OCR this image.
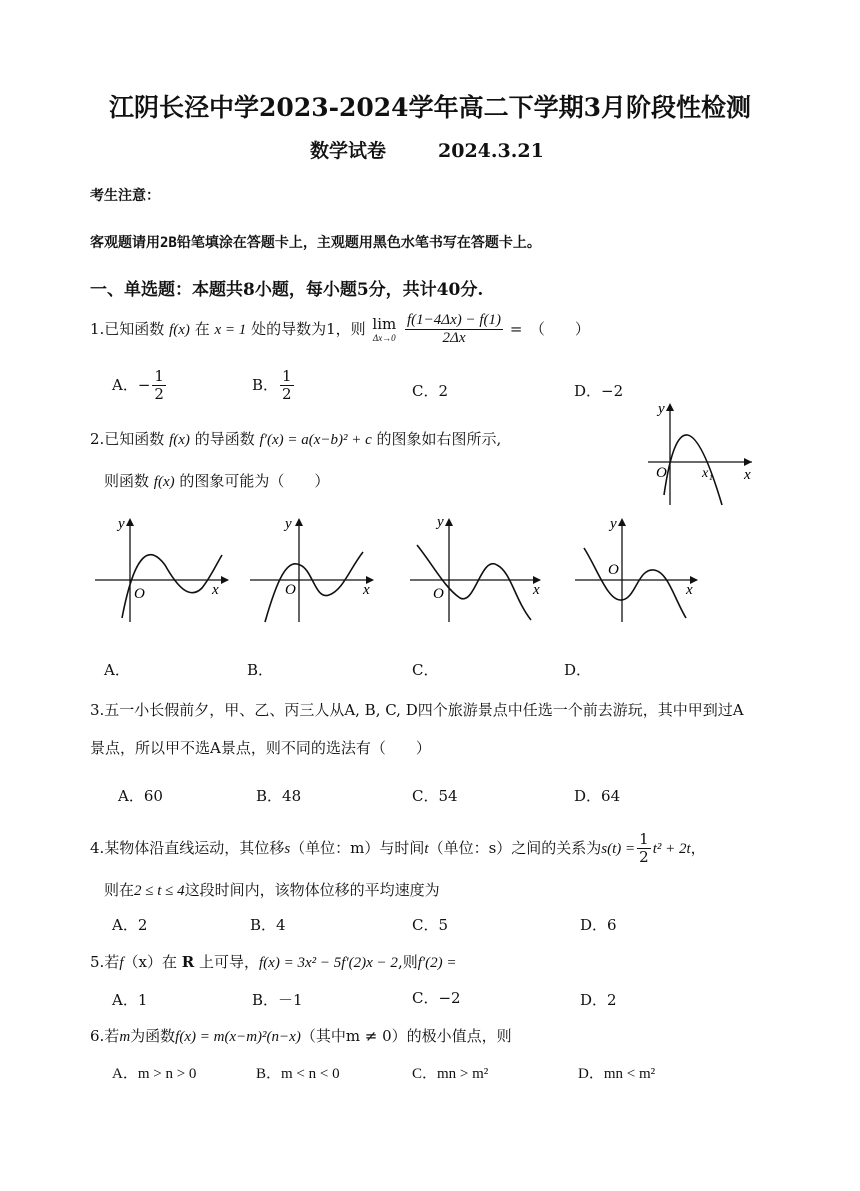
江阴长泾中学2023-2024学年高二下学期3月阶段性检测
数学试卷	2024.3.21
考生注意：
客观题请用2B铅笔填涂在答题卡上，主观题用黑色水笔书写在答题卡上。
一、单选题：本题共8小题，每小题5分，共计40分.
1.已知函数 f(x) 在 x = 1 处的导数为1，则 lim
Δx→0
$\frac{f(1-4\Delta x) - f(1)}{2\Delta x}$ =　（　　）
A．− $\frac{1}{2}$	B． $\frac{1}{2}$	C．2	D．−2
2.已知函数 f(x) 的导函数 f′(x) = a(x−b)² + c 的图象如右图所示,
则函数 f(x) 的图象可能为（　　）	O	x₁ x
y
O	x
y
A．
O	x
y
B．
O	x
y
C．
O
x
y
D．
3.五一小长假前夕，甲、乙、丙三人从A, B, C, D四个旅游景点中任选一个前去游玩，其中甲到过A
景点，所以甲不选A景点，则不同的选法有（　　）
A．60	B．48	C．54	D．64
4.某物体沿直线运动，其位移s（单位：m）与时间t（单位：s）之间的关系为$s(t) = \frac{1}{2} t^2 + 2t$，
则在2 ≤ t ≤ 4这段时间内，该物体位移的平均速度为
A．2	B．4	C．5	D．6
5.若f（x）在 R 上可导，f(x) = 3x² − 5f′(2)x − 2,则f′(2) =
A．1	B．－1	C．−2	D．2
6.若m为函数f(x) = m(x−m)²(n−x)（其中m ≠ 0）的极小值点，则
A．m > n > 0	B．m < n < 0	C．mn > m²	D．mn < m²
